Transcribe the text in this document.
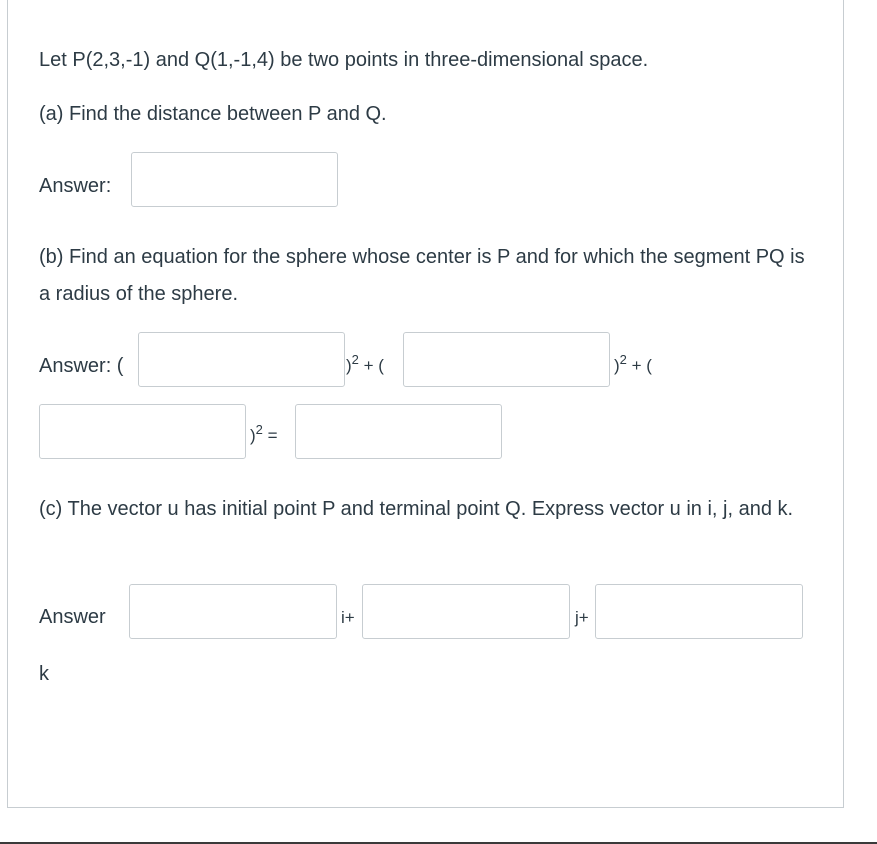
Let P(2,3,-1) and Q(1,-1,4) be two points in three-dimensional space.
(a) Find the distance between P and Q.
Answer:
(b) Find an equation for the sphere whose center is P and for which the segment PQ is a radius of the sphere.
Answer: (	)$^2$ + (	)$^2$ + (
)$^2$ =
(c) The vector u has initial point P and terminal point Q. Express vector u in i, j, and k.
Answer	i+	j+
k
